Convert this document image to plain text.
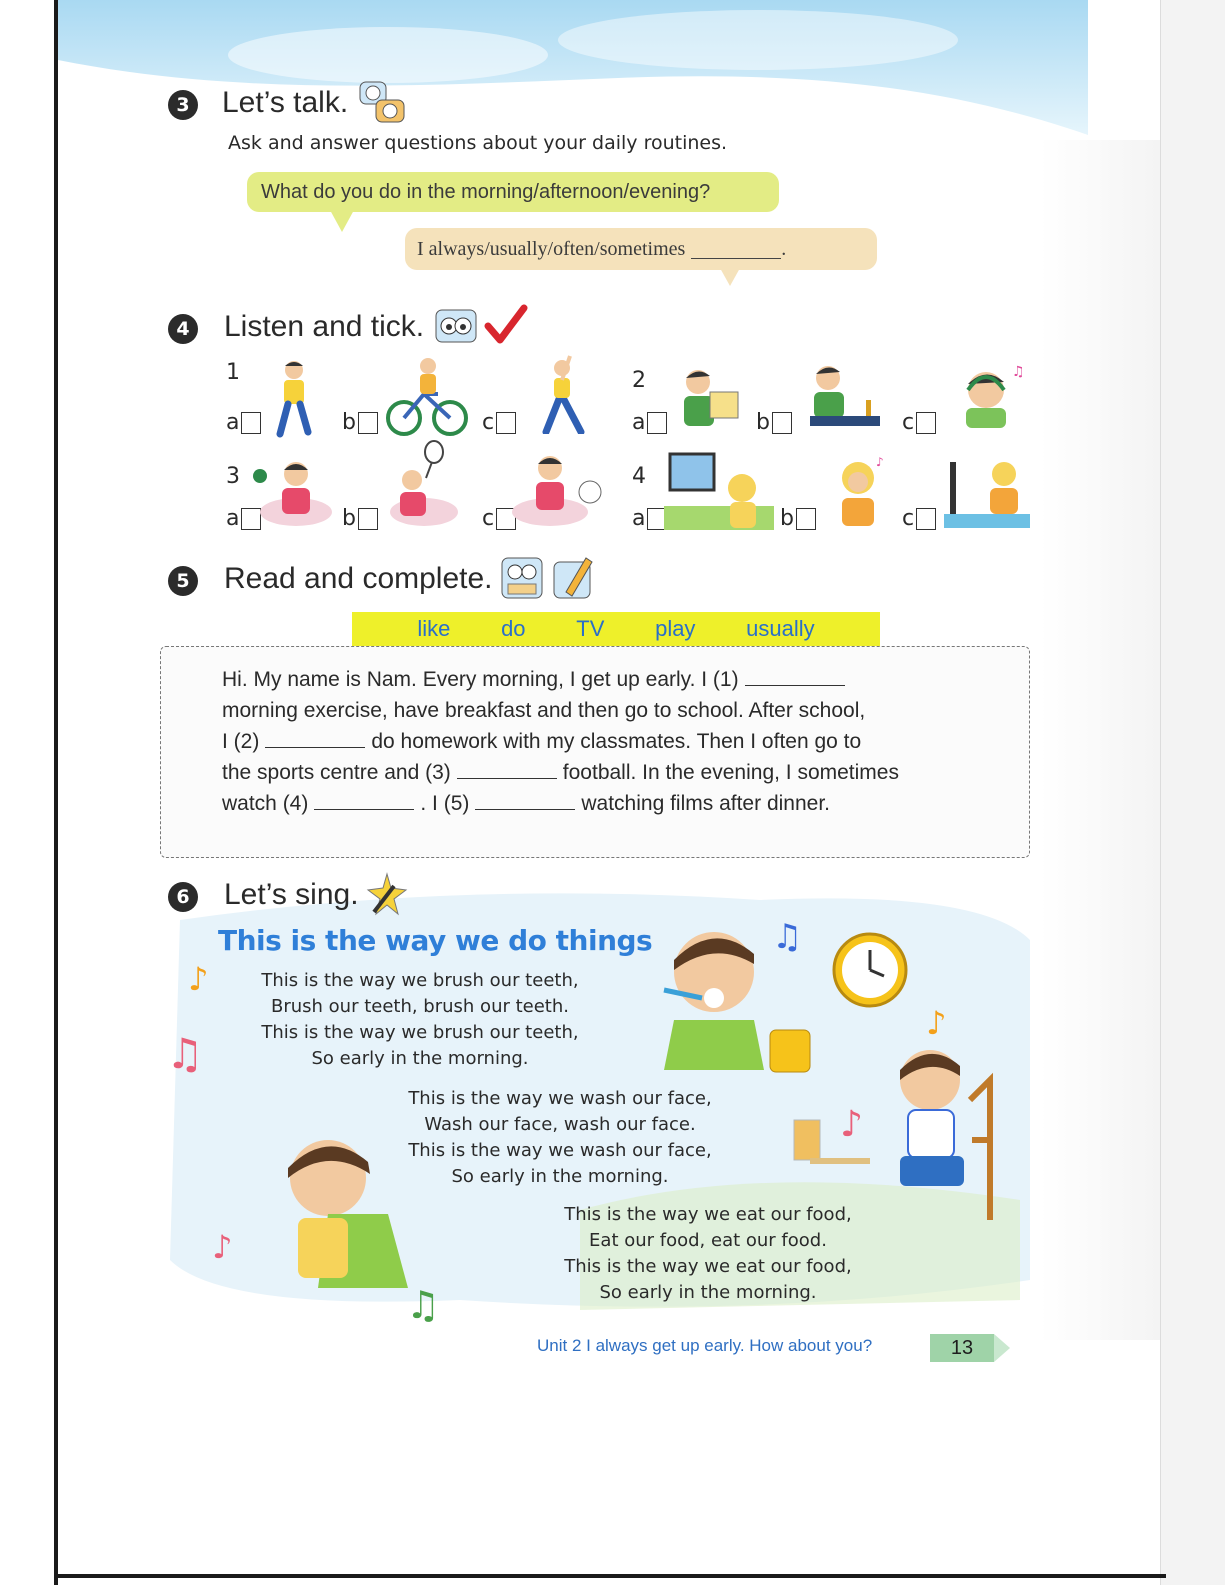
3 Let’s talk.
Ask and answer questions about your daily routines.
What do you do in the morning/afternoon/evening?
I always/usually/often/sometimes	.
4 Listen and tick.
1
a	b	c
2
a	b	c
♫
3
a	b	c
4
a	b	c
♪
5 Read and complete.
like do TV play usually
Hi. My name is Nam. Every morning, I get up early. I (1)
morning exercise, have breakfast and then go to school. After school,
I (2)	do homework with my classmates. Then I often go to
the sports centre and (3)	football. In the evening, I sometimes
watch (4)	. I (5)	watching films after dinner.
6 Let’s sing.
This is the way we do things
This is the way we brush our teeth,
Brush our teeth, brush our teeth.
This is the way we brush our teeth,
So early in the morning.
This is the way we wash our face,
Wash our face, wash our face.
This is the way we wash our face,
So early in the morning.
This is the way we eat our food,
Eat our food, eat our food.
This is the way we eat our food,
So early in the morning.
♫
♪
♫
♪
♪
♪
♫
Unit 2 I always get up early. How about you?	13
